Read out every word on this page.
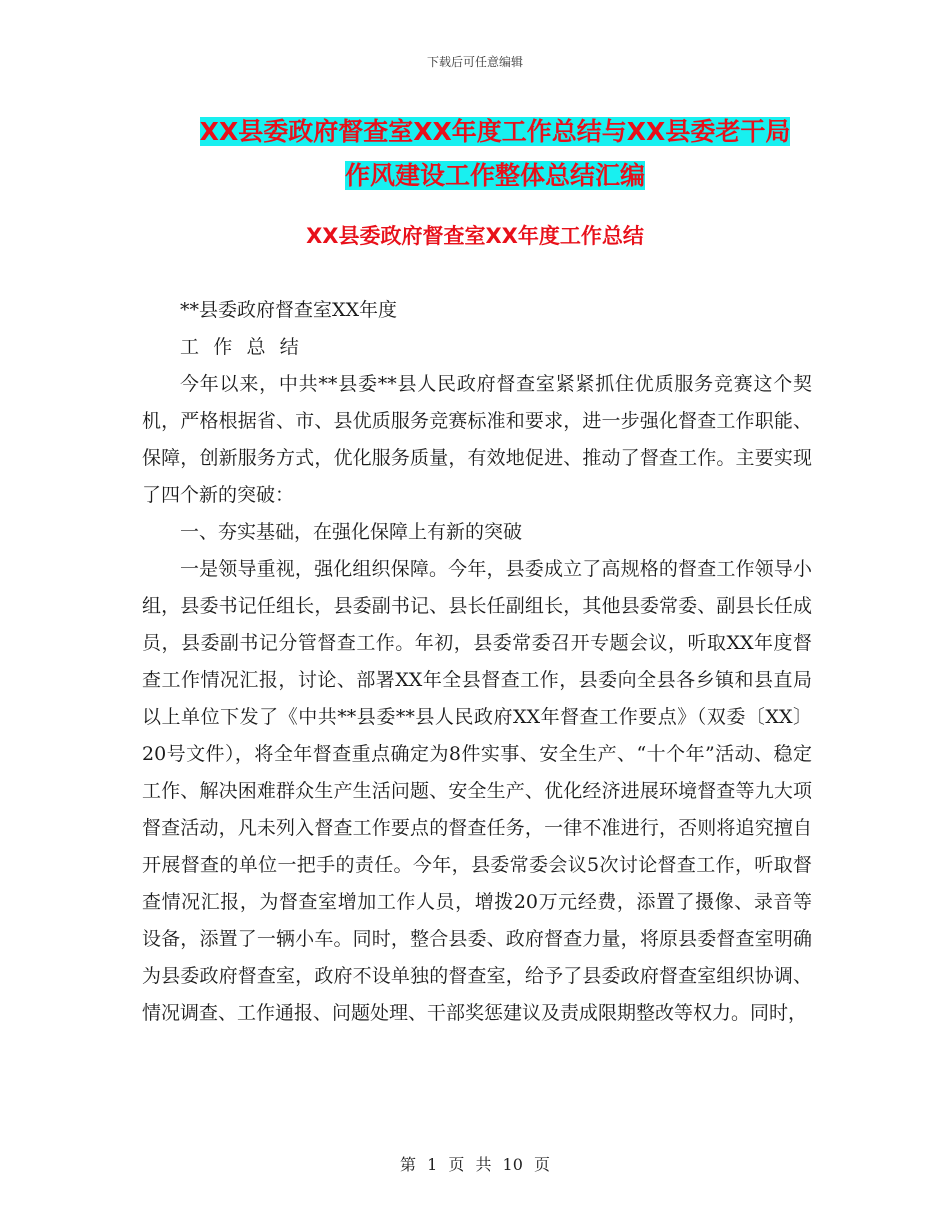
下载后可任意编辑
XX县委政府督查室XX年度工作总结与XX县委老干局
作风建设工作整体总结汇编
XX县委政府督查室XX年度工作总结

**县委政府督查室XX年度

工作总结

今年以来，中共**县委**县人民政府督查室紧紧抓住优质服务竞赛这个契机，严格根据省、市、县优质服务竞赛标准和要求，进一步强化督查工作职能、保障，创新服务方式，优化服务质量，有效地促进、推动了督查工作。主要实现了四个新的突破：

一、夯实基础，在强化保障上有新的突破

一是领导重视，强化组织保障。今年，县委成立了高规格的督查工作领导小组，县委书记任组长，县委副书记、县长任副组长，其他县委常委、副县长任成员，县委副书记分管督查工作。年初，县委常委召开专题会议，听取XX年度督查工作情况汇报，讨论、部署XX年全县督查工作，县委向全县各乡镇和县直局以上单位下发了《中共**县委**县人民政府XX年督查工作要点》（双委〔XX〕20号文件），将全年督查重点确定为8件实事、安全生产、“十个年”活动、稳定工作、解决困难群众生产生活问题、安全生产、优化经济进展环境督查等九大项督查活动，凡未列入督查工作要点的督查任务，一律不准进行，否则将追究擅自开展督查的单位一把手的责任。今年，县委常委会议5次讨论督查工作，听取督查情况汇报，为督查室增加工作人员，增拨20万元经费，添置了摄像、录音等设备，添置了一辆小车。同时，整合县委、政府督查力量，将原县委督查室明确为县委政府督查室，政府不设单独的督查室，给予了县委政府督查室组织协调、情况调查、工作通报、问题处理、干部奖惩建议及责成限期整改等权力。同时，

第 1 页 共 10 页
